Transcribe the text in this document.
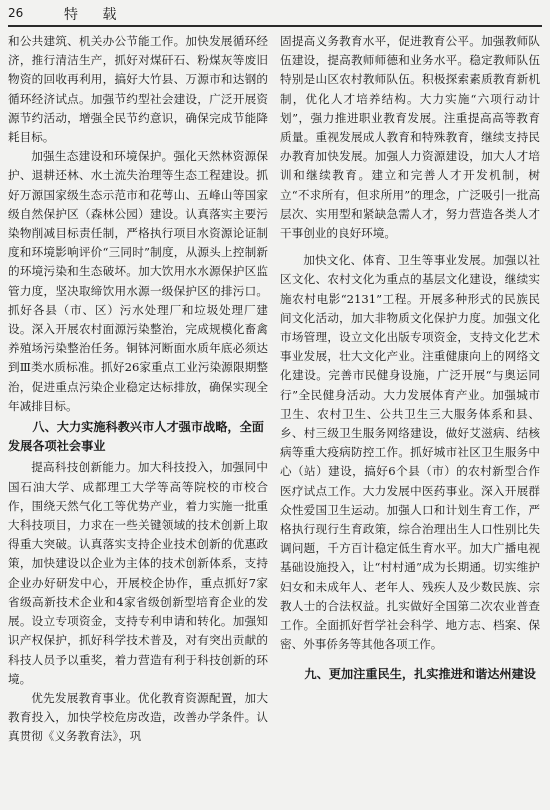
26	特 载

和公共建筑、机关办公节能工作。加快发展循环经济，推行清洁生产，抓好对煤矸石、粉煤灰等废旧物资的回收再利用，搞好大竹县、万源市和达钢的循环经济试点。加强节约型社会建设，广泛开展资源节约活动，增强全民节约意识，确保完成节能降耗目标。

加强生态建设和环境保护。强化天然林资源保护、退耕还林、水土流失治理等生态工程建设。抓好万源国家级生态示范市和花萼山、五峰山等国家级自然保护区（森林公园）建设。认真落实主要污染物削减目标责任制，严格执行项目水资源论证制度和环境影响评价“三同时”制度，从源头上控制新的环境污染和生态破坏。加大饮用水水源保护区监管力度，坚决取缔饮用水源一级保护区的排污口。抓好各县（市、区）污水处理厂和垃圾处理厂建设。深入开展农村面源污染整治，完成规模化畜禽养殖场污染整治任务。铜钵河断面水质年底必须达到Ⅲ类水质标准。抓好26家重点工业污染源限期整治，促进重点污染企业稳定达标排放，确保实现全年减排目标。

八、大力实施科教兴市人才强市战略，全面发展各项社会事业

提高科技创新能力。加大科技投入，加强同中国石油大学、成都理工大学等高等院校的市校合作，围绕天然气化工等优势产业，着力实施一批重大科技项目，力求在一些关键领域的技术创新上取得重大突破。认真落实支持企业技术创新的优惠政策，加快建设以企业为主体的技术创新体系，支持企业办好研发中心，开展校企协作，重点抓好7家省级高新技术企业和4家省级创新型培育企业的发展。设立专项资金，支持专利申请和转化。加强知识产权保护，抓好科学技术普及，对有突出贡献的科技人员予以重奖，着力营造有利于科技创新的环境。

优先发展教育事业。优化教育资源配置，加大教育投入，加快学校危房改造，改善办学条件。认真贯彻《义务教育法》，巩

固提高义务教育水平，促进教育公平。加强教师队伍建设，提高教师师德和业务水平。稳定教师队伍特别是山区农村教师队伍。积极探索素质教育新机制，优化人才培养结构。大力实施“六项行动计划”，强力推进职业教育发展。注重提高高等教育质量。重视发展成人教育和特殊教育，继续支持民办教育加快发展。加强人力资源建设，加大人才培训和继续教育。建立和完善人才开发机制，树立“不求所有，但求所用”的理念，广泛吸引一批高层次、实用型和紧缺急需人才，努力营造各类人才干事创业的良好环境。

加快文化、体育、卫生等事业发展。加强以社区文化、农村文化为重点的基层文化建设，继续实施农村电影“2131”工程。开展多种形式的民族民间文化活动，加大非物质文化保护力度。加强文化市场管理，设立文化出版专项资金，支持文化艺术事业发展，壮大文化产业。注重健康向上的网络文化建设。完善市民健身设施，广泛开展“与奥运同行”全民健身活动。大力发展体育产业。加强城市卫生、农村卫生、公共卫生三大服务体系和县、乡、村三级卫生服务网络建设，做好艾滋病、结核病等重大疫病防控工作。抓好城市社区卫生服务中心（站）建设，搞好6个县（市）的农村新型合作医疗试点工作。大力发展中医药事业。深入开展群众性爱国卫生运动。加强人口和计划生育工作，严格执行现行生育政策，综合治理出生人口性别比失调问题，千方百计稳定低生育水平。加大广播电视基础设施投入，让“村村通”成为长期通。切实维护妇女和未成年人、老年人、残疾人及少数民族、宗教人士的合法权益。扎实做好全国第二次农业普查工作。全面抓好哲学社会科学、地方志、档案、保密、外事侨务等其他各项工作。

九、更加注重民生，扎实推进和谐达州建设
